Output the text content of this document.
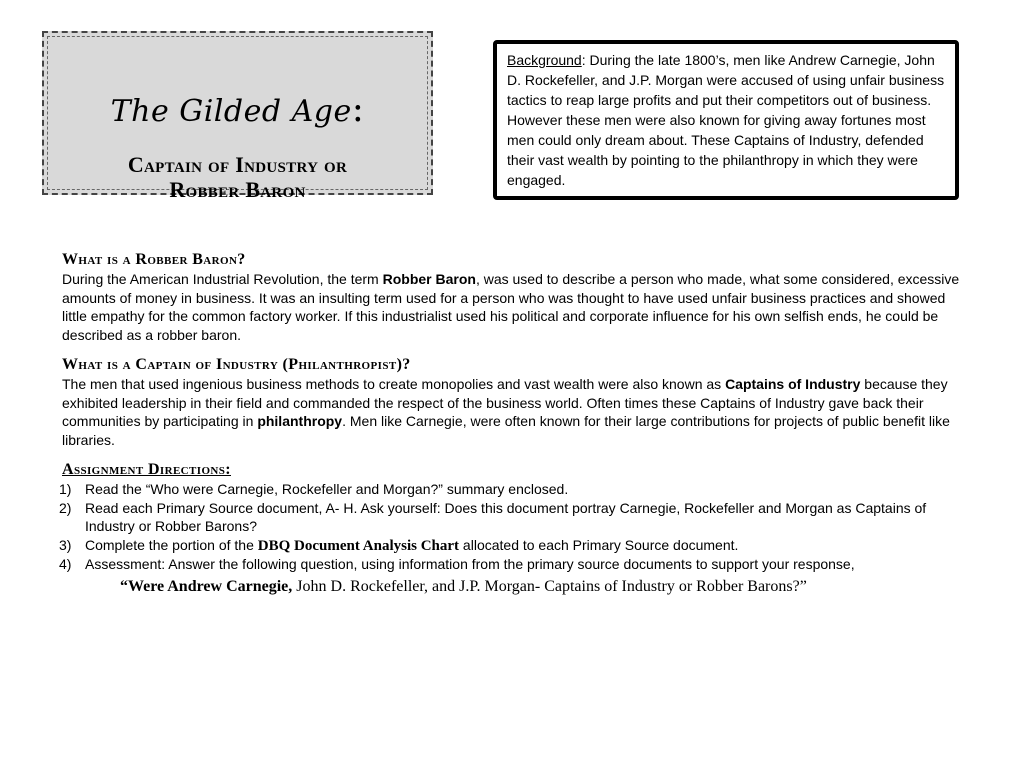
The Gilded Age:
Captain of Industry or
Robber Baron
Background: During the late 1800’s, men like Andrew Carnegie, John D. Rockefeller, and J.P. Morgan were accused of using unfair business tactics to reap large profits and put their competitors out of business. However these men were also known for giving away fortunes most men could only dream about. These Captains of Industry, defended their vast wealth by pointing to the philanthropy in which they were engaged.
What is a Robber Baron?

During the American Industrial Revolution, the term Robber Baron, was used to describe a person who made, what some considered, excessive amounts of money in business. It was an insulting term used for a person who was thought to have used unfair business practices and showed little empathy for the common factory worker. If this industrialist used his political and corporate influence for his own selfish ends, he could be described as a robber baron.

What is a Captain of Industry (Philanthropist)?

The men that used ingenious business methods to create monopolies and vast wealth were also known as Captains of Industry because they exhibited leadership in their field and commanded the respect of the business world. Often times these Captains of Industry gave back their communities by participating in philanthropy. Men like Carnegie, were often known for their large contributions for projects of public benefit like libraries.

Assignment Directions:
1) Read the “Who were Carnegie, Rockefeller and Morgan?” summary enclosed.
2) Read each Primary Source document, A- H. Ask yourself: Does this document portray Carnegie, Rockefeller and Morgan as Captains of Industry or Robber Barons?
3) Complete the portion of the DBQ Document Analysis Chart allocated to each Primary Source document.
4) Assessment: Answer the following question, using information from the primary source documents to support your response,
“Were Andrew Carnegie, John D. Rockefeller, and J.P. Morgan- Captains of Industry or Robber Barons?”
